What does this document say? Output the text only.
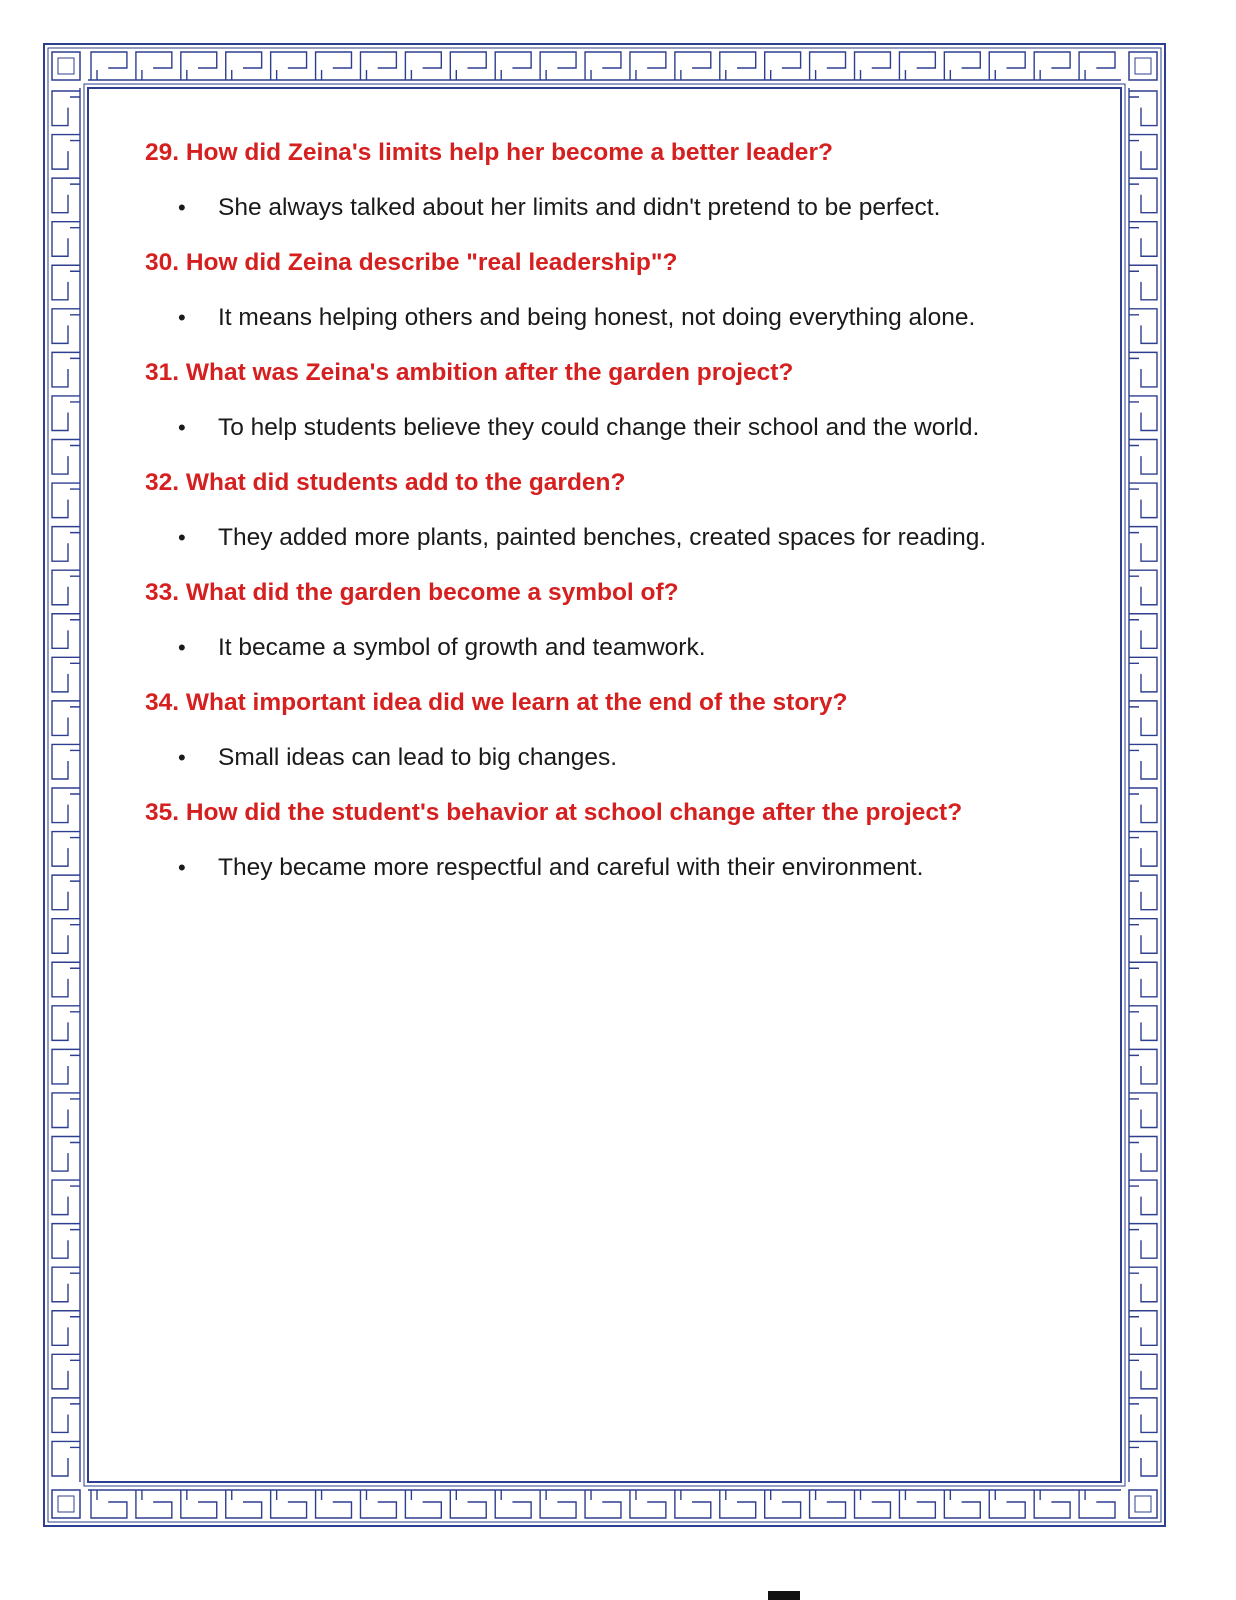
29. How did Zeina's limits help her become a better leader?

• She always talked about her limits and didn't pretend to be perfect.

30. How did Zeina describe "real leadership"?

• It means helping others and being honest, not doing everything alone.

31. What was Zeina's ambition after the garden project?

• To help students believe they could change their school and the world.

32. What did students add to the garden?

• They added more plants, painted benches, created spaces for reading.

33. What did the garden become a symbol of?

• It became a symbol of growth and teamwork.

34. What important idea did we learn at the end of the story?

• Small ideas can lead to big changes.

35. How did the student's behavior at school change after the project?

• They became more respectful and careful with their environment.
